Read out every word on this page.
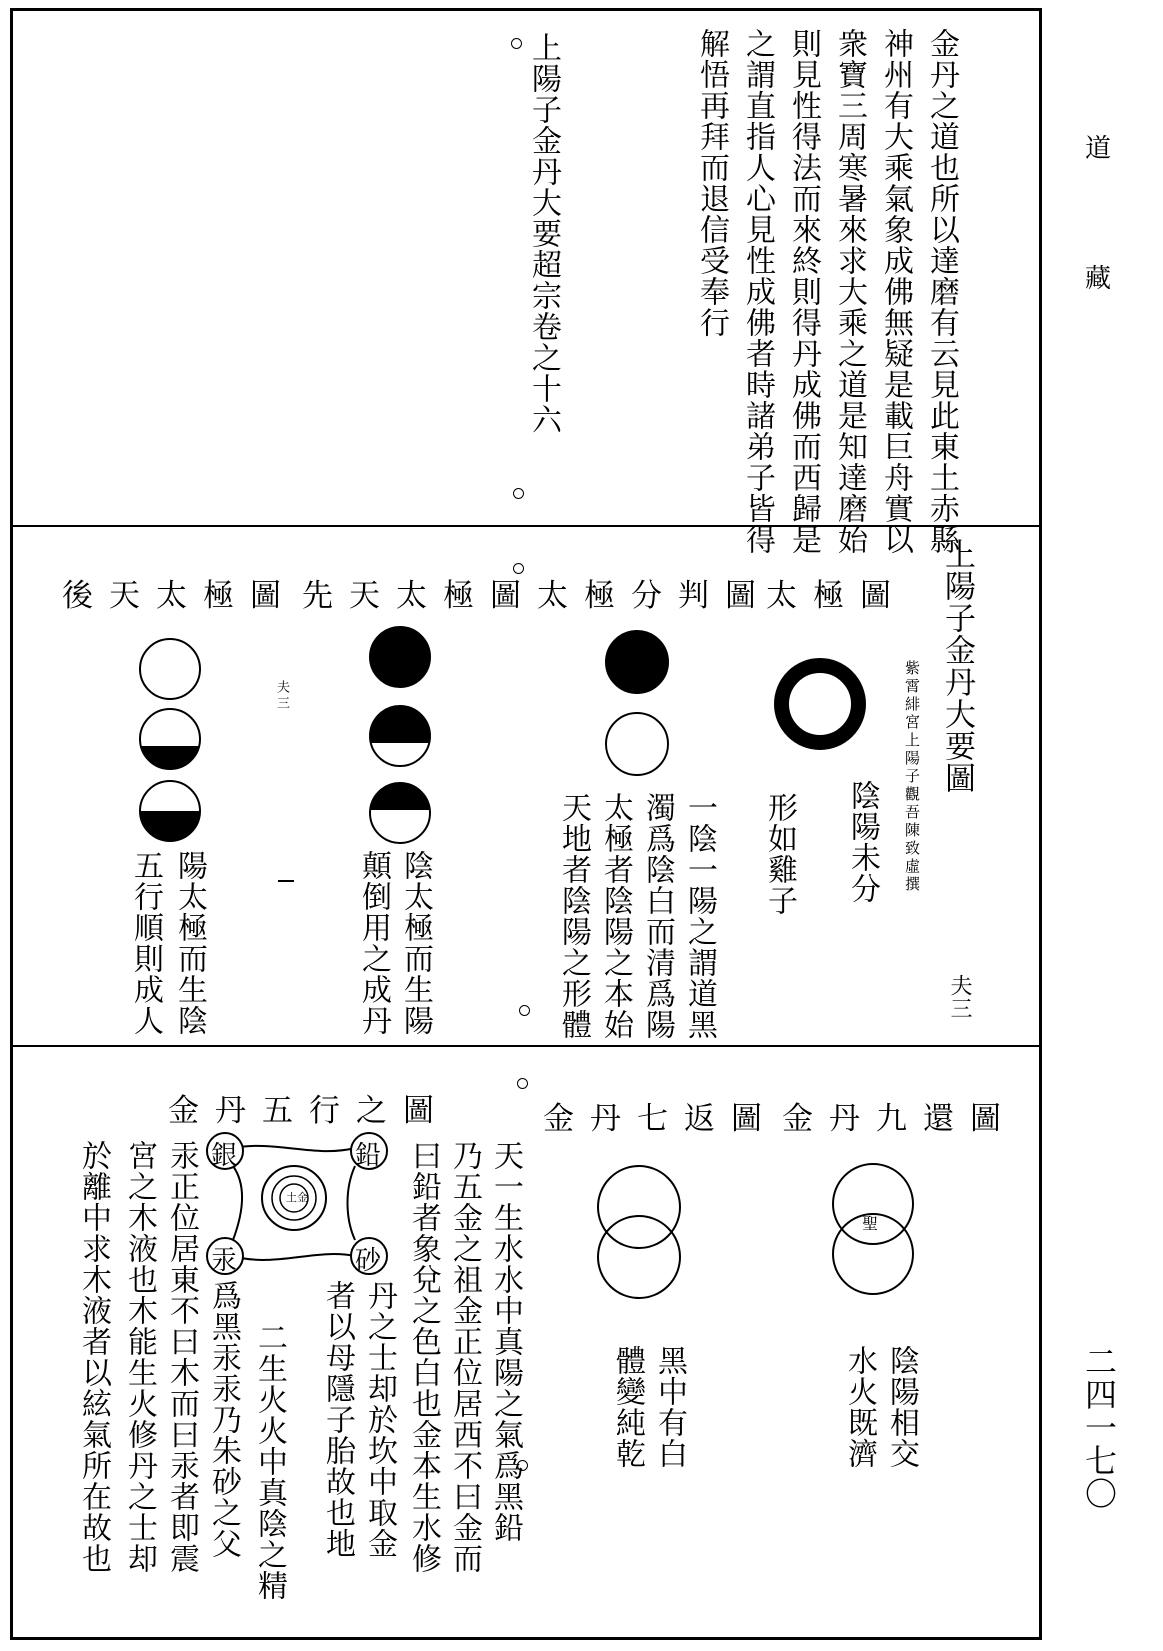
道
藏
二四一七〇
金丹之道也所以達磨有云見此東土赤縣
神州有大乘氣象成佛無疑是載巨舟實以
衆寶三周寒暑來求大乘之道是知達磨始
則見性得法而來終則得丹成佛而西歸是
之謂直指人心見性成佛者時諸弟子皆得
解悟再拜而退信受奉行
上陽子金丹大要超宗卷之十六
上陽子金丹大要圖
紫霄緋宮上陽子觀吾陳致虛撰
夫三
夫三
太極圖
陰陽未分
形如雞子
太極分判圖
一陰一陽之謂道黑
濁爲陰白而清爲陽
太極者陰陽之本始
天地者陰陽之形體
先天太極圖
陰太極而生陽
顛倒用之成丹
後天太極圖
陽太極而生陰
五行順則成人
金丹九還圖
聖
陰陽相交
水火既濟
金丹七返圖
黑中有白
體變純乾
金丹五行之圖
銀	鉛
汞	砂
土金	天一生水水中真陽之氣爲黑鉛
乃五金之祖金正位居西不曰金而
曰鉛者象兌之色白也金本生水修
者以母隱子胎故也地 丹之士却於坎中取金
二生火火中真陰之精
爲黑汞汞乃朱砂之父
汞正位居東不曰木而曰汞者即震
宮之木液也木能生火修丹之士却
於離中求木液者以絃氣所在故也
